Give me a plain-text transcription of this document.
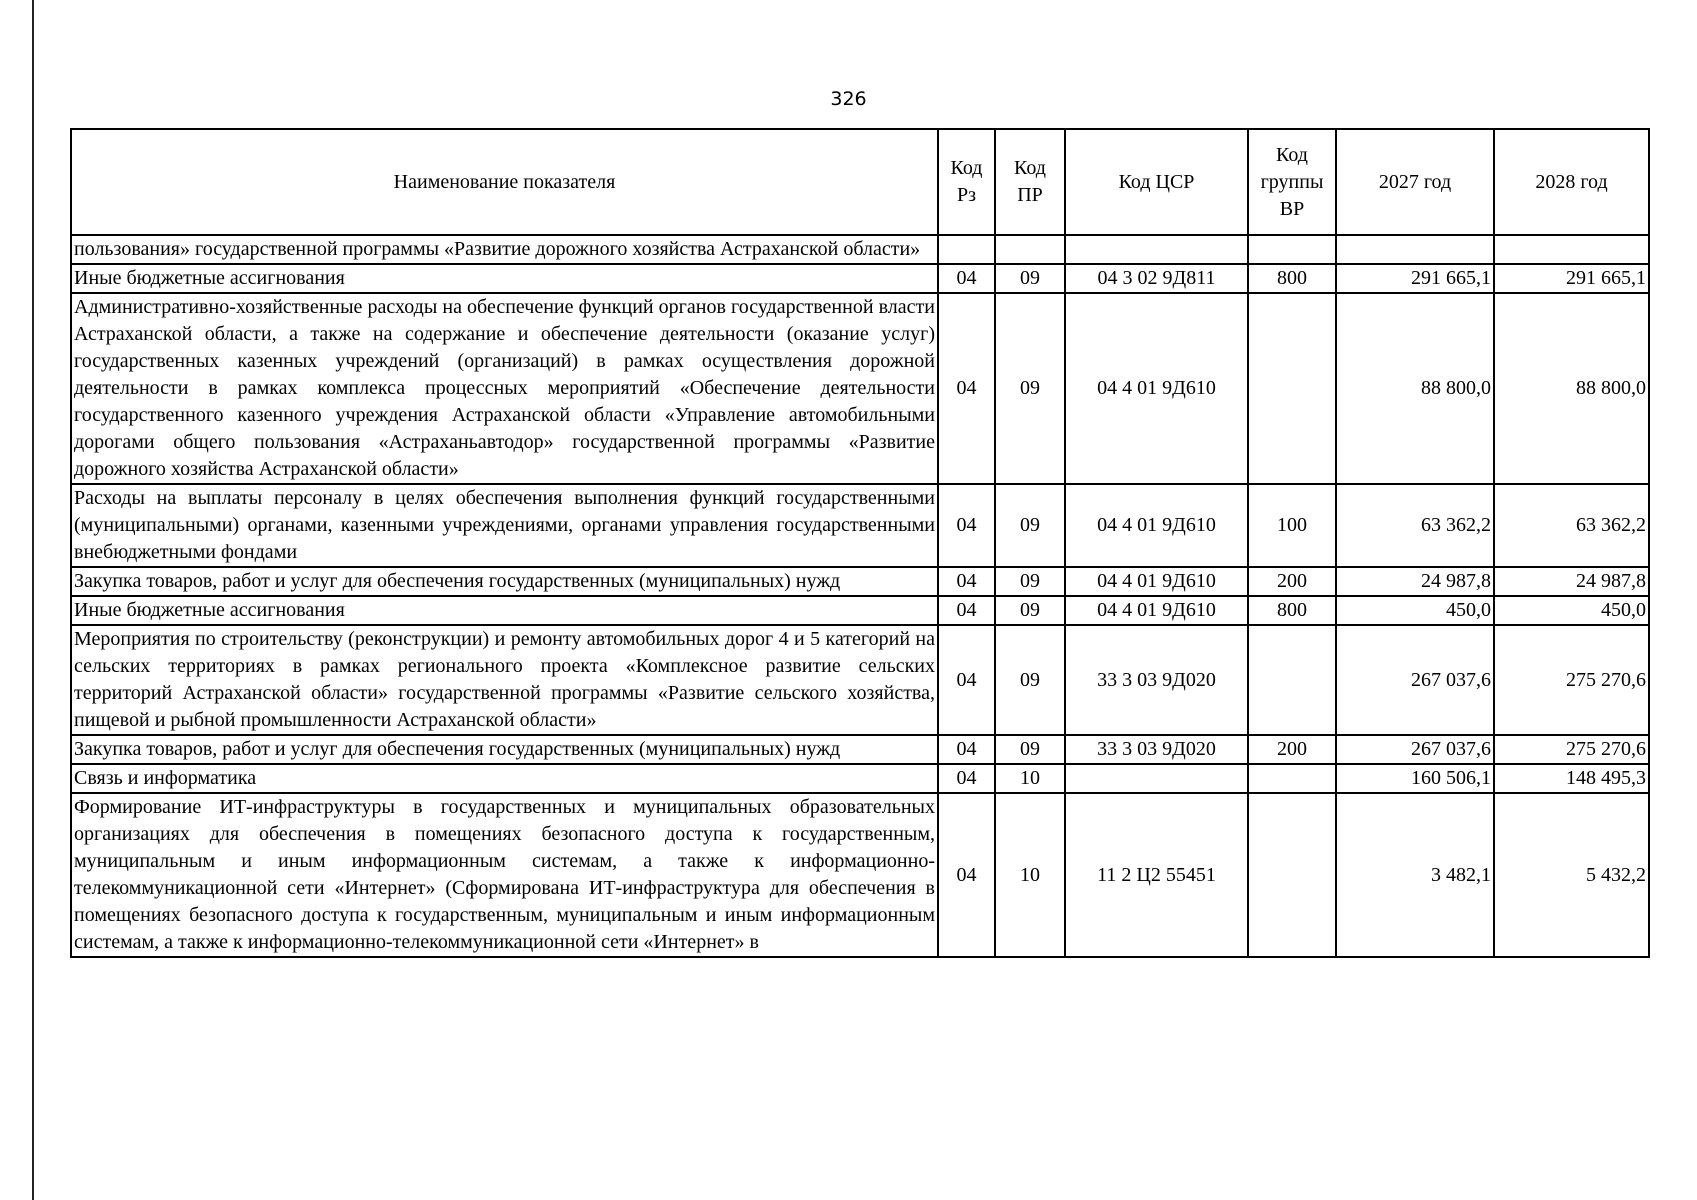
326
Наименование показателя	Код Рз	Код ПР	Код ЦСР	Код группы ВР	2027 год	2028 год
пользования» государственной программы «Развитие дорожного хозяйства Астраханской области»						
Иные бюджетные ассигнования	04	09	04 3 02 9Д811	800	291 665,1	291 665,1
Административно-хозяйственные расходы на обеспечение функций органов государственной власти Астраханской области, а также на содержание и обеспечение деятельности (оказание услуг) государственных казенных учреждений (организаций) в рамках осуществления дорожной деятельности в рамках комплекса процессных мероприятий «Обеспечение деятельности государственного казенного учреждения Астраханской области «Управление автомобильными дорогами общего пользования «Астраханьавтодор» государственной программы «Развитие дорожного хозяйства Астраханской области»	04	09	04 4 01 9Д610		88 800,0	88 800,0
Расходы на выплаты персоналу в целях обеспечения выполнения функций государственными (муниципальными) органами, казенными учреждениями, органами управления государственными внебюджетными фондами	04	09	04 4 01 9Д610	100	63 362,2	63 362,2
Закупка товаров, работ и услуг для обеспечения государственных (муниципальных) нужд	04	09	04 4 01 9Д610	200	24 987,8	24 987,8
Иные бюджетные ассигнования	04	09	04 4 01 9Д610	800	450,0	450,0
Мероприятия по строительству (реконструкции) и ремонту автомобильных дорог 4 и 5 категорий на сельских территориях в рамках регионального проекта «Комплексное развитие сельских территорий Астраханской области» государственной программы «Развитие сельского хозяйства, пищевой и рыбной промышленности Астраханской области»	04	09	33 3 03 9Д020		267 037,6	275 270,6
Закупка товаров, работ и услуг для обеспечения государственных (муниципальных) нужд	04	09	33 3 03 9Д020	200	267 037,6	275 270,6
Связь и информатика	04	10			160 506,1	148 495,3
Формирование ИТ-инфраструктуры в государственных и муниципальных образовательных организациях для обеспечения в помещениях безопасного доступа к государственным, муниципальным и иным информационным системам, а также к информационно-телекоммуникационной сети «Интернет» (Сформирована ИТ-инфраструктура для обеспечения в помещениях безопасного доступа к государственным, муниципальным и иным информационным системам, а также к информационно-телекоммуникационной сети «Интернет» в	04	10	11 2 Ц2 55451		3 482,1	5 432,2
